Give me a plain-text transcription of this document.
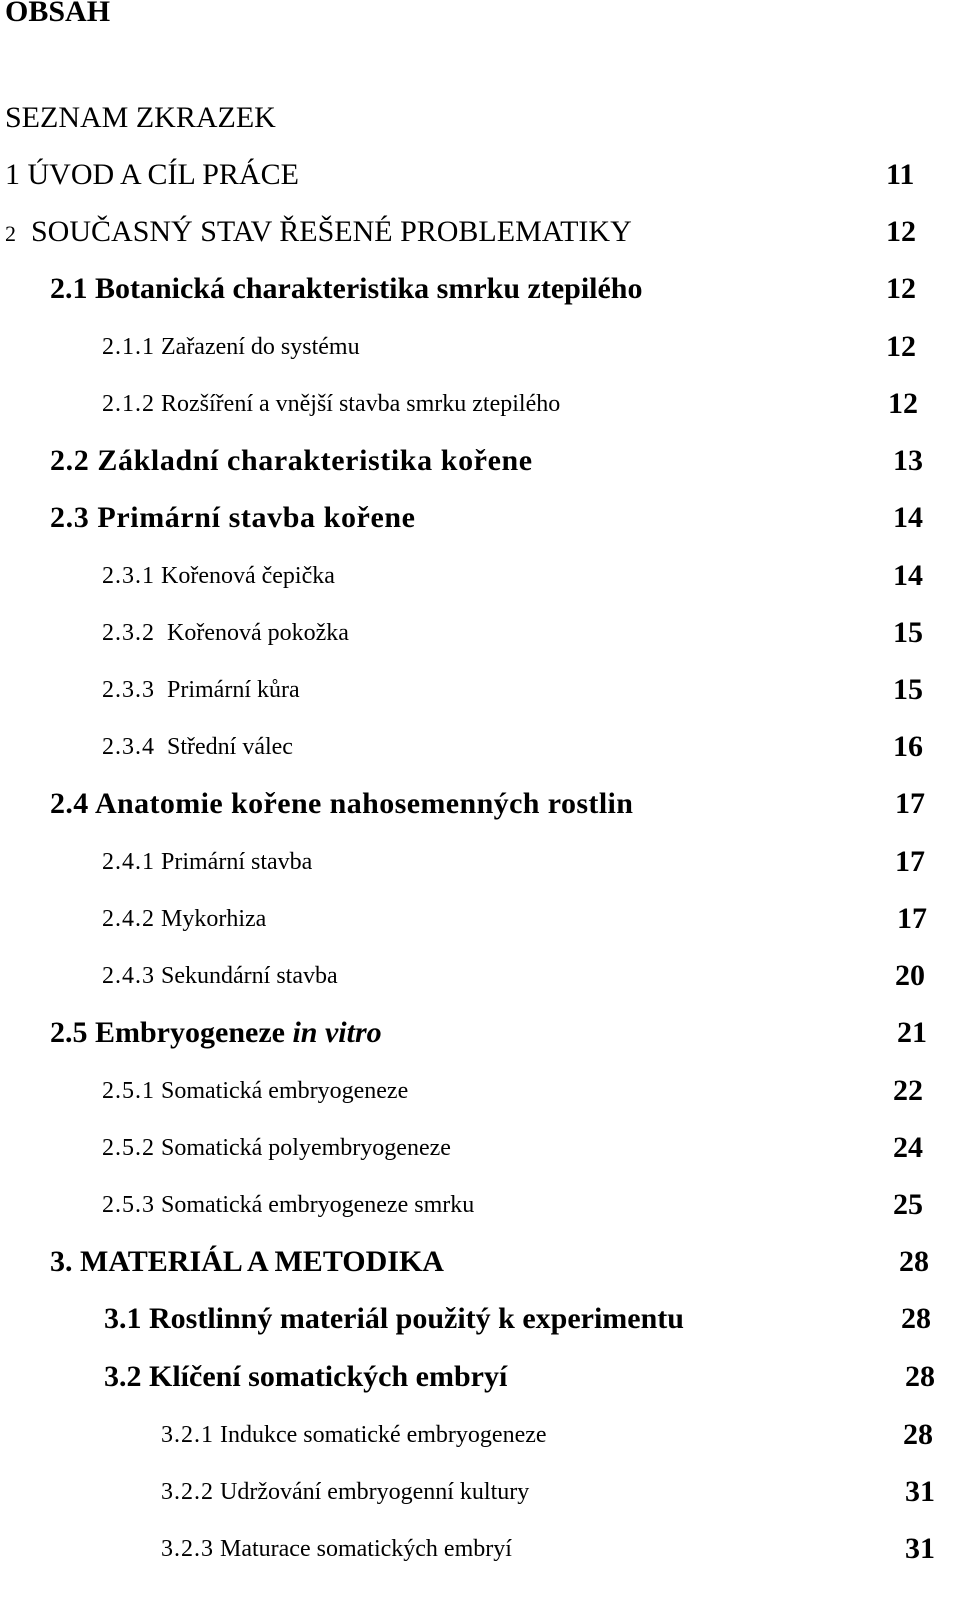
OBSAH
SEZNAM ZKRAZEK
1 ÚVOD A CÍL PRÁCE	11
2 SOUČASNÝ STAV ŘEŠENÉ PROBLEMATIKY	12
2.1 Botanická charakteristika smrku ztepilého	12
2.1.1 Zařazení do systému	12
2.1.2 Rozšíření a vnější stavba smrku ztepilého	12
2.2 Základní charakteristika kořene	13
2.3 Primární stavba kořene	14
2.3.1 Kořenová čepička	14
2.3.2 Kořenová pokožka	15
2.3.3 Primární kůra	15
2.3.4 Střední válec	16
2.4 Anatomie kořene nahosemenných rostlin	17
2.4.1 Primární stavba	17
2.4.2 Mykorhiza	17
2.4.3 Sekundární stavba	20
2.5 Embryogeneze in vitro	21
2.5.1 Somatická embryogeneze	22
2.5.2 Somatická polyembryogeneze	24
2.5.3 Somatická embryogeneze smrku	25
3. MATERIÁL A METODIKA	28
3.1 Rostlinný materiál použitý k experimentu	28
3.2 Klíčení somatických embryí	28
3.2.1 Indukce somatické embryogeneze	28
3.2.2 Udržování embryogenní kultury	31
3.2.3 Maturace somatických embryí	31
